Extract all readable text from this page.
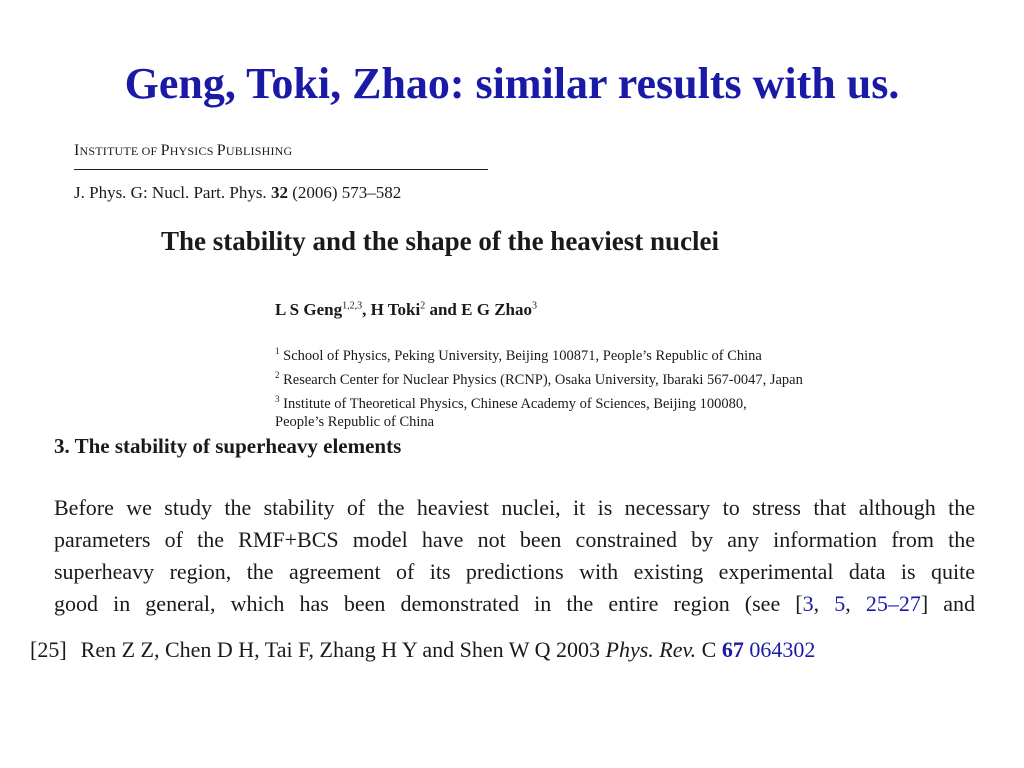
Geng, Toki, Zhao: similar results with us.
INSTITUTE OF PHYSICS PUBLISHING
J. Phys. G: Nucl. Part. Phys. 32 (2006) 573–582
The stability and the shape of the heaviest nuclei
L S Geng$^{1,2,3}$, H Toki$^2$ and E G Zhao$^3$
$^1$ School of Physics, Peking University, Beijing 100871, People’s Republic of China
$^2$ Research Center for Nuclear Physics (RCNP), Osaka University, Ibaraki 567-0047, Japan
$^3$ Institute of Theoretical Physics, Chinese Academy of Sciences, Beijing 100080,
People’s Republic of China
3. The stability of superheavy elements
Before we study the stability of the heaviest nuclei, it is necessary to stress that although the
parameters of the RMF+BCS model have not been constrained by any information from the
superheavy region, the agreement of its predictions with existing experimental data is quite
good in general, which has been demonstrated in the entire region (see [3, 5, 25–27] and
[25] Ren Z Z, Chen D H, Tai F, Zhang H Y and Shen W Q 2003 Phys. Rev. C 67 064302
